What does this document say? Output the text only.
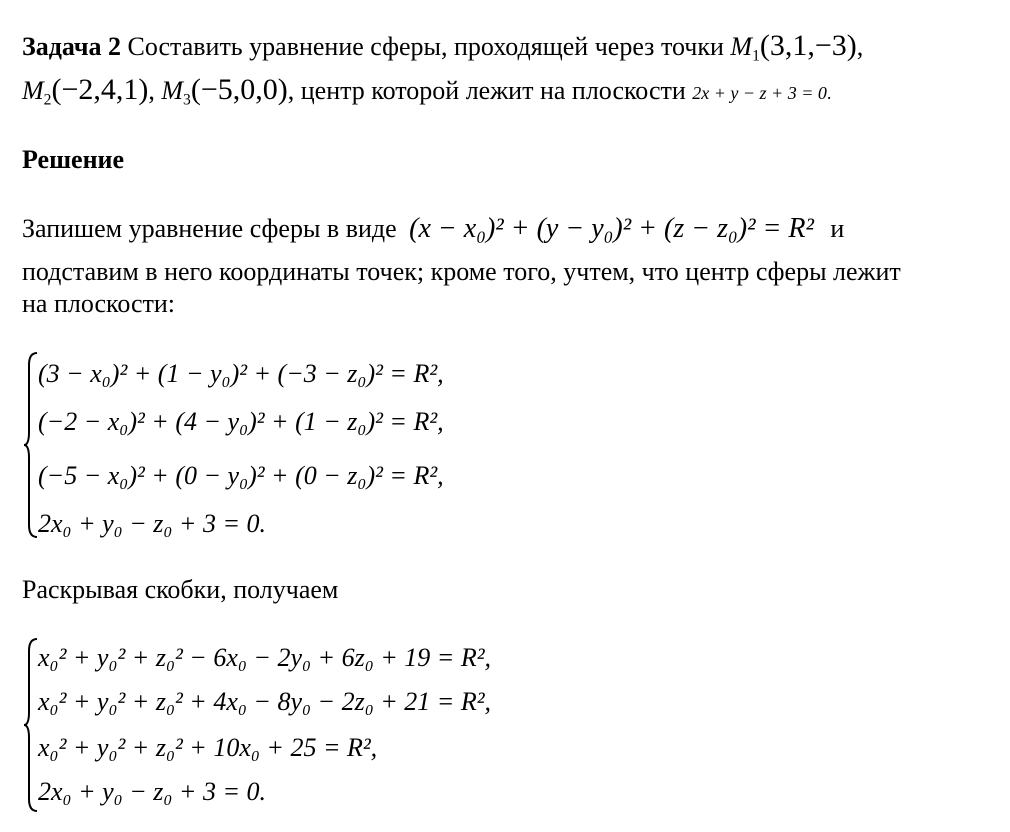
Задача 2 Составить уравнение сферы, проходящей через точки $M_1(3,1,-3)$,
$M_2(-2,4,1)$, $M_3(-5,0,0)$, центр которой лежит на плоскости 2x + y − z + 3 = 0.
Решение
Запишем уравнение сферы в виде (x − x₀)² + (y − y₀)² + (z − z₀)² = R² и
подставим в него координаты точек; кроме того, учтем, что центр сферы лежит
на плоскости:
(3 − x₀)² + (1 − y₀)² + (−3 − z₀)² = R²,
(−2 − x₀)² + (4 − y₀)² + (1 − z₀)² = R²,
(−5 − x₀)² + (0 − y₀)² + (0 − z₀)² = R²,
2x₀ + y₀ − z₀ + 3 = 0.
Раскрывая скобки, получаем
x₀² + y₀² + z₀² − 6x₀ − 2y₀ + 6z₀ + 19 = R²,
x₀² + y₀² + z₀² + 4x₀ − 8y₀ − 2z₀ + 21 = R²,
x₀² + y₀² + z₀² + 10x₀ + 25 = R²,
2x₀ + y₀ − z₀ + 3 = 0.
